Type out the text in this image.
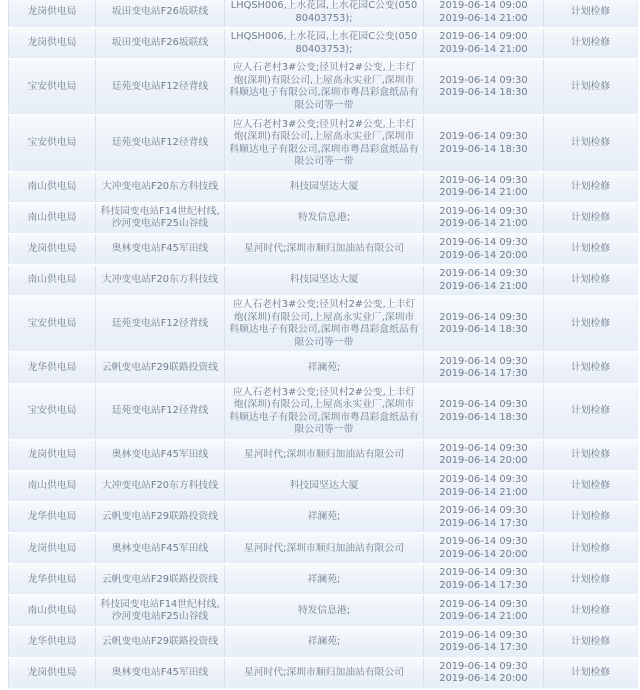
龙岗供电局	坂田变电站F26坂联线	LHQSH006,上水花园,上水花园C公变(05080403753);	2019-06-14 09:00
2019-06-14 21:00	计划检修
龙岗供电局	坂田变电站F26坂联线	LHQSH006,上水花园,上水花园C公变(05080403753);	2019-06-14 09:00
2019-06-14 21:00	计划检修
宝安供电局	廷苑变电站F12径背线	应人石老村3#公变;径贝村2#公变,上丰灯炮(深圳)有限公司,上屋高永实业厂,深圳市科顺达电子有限公司,深圳市粤昌彩盒纸品有限公司等一带	2019-06-14 09:30
2019-06-14 18:30	计划检修
宝安供电局	廷苑变电站F12径背线	应人石老村3#公变;径贝村2#公变,上丰灯炮(深圳)有限公司,上屋高永实业厂,深圳市科顺达电子有限公司,深圳市粤昌彩盒纸品有限公司等一带	2019-06-14 09:30
2019-06-14 18:30	计划检修
南山供电局	大冲变电站F20东方科技线	科技园坚达大厦	2019-06-14 09:30
2019-06-14 21:00	计划检修
南山供电局	科技园变电站F14世纪村线,沙河变电站F25山谷线	特发信息港;	2019-06-14 09:30
2019-06-14 21:00	计划检修
龙岗供电局	奥林变电站F45军田线	星河时代;深圳市顺归加油站有限公司	2019-06-14 09:30
2019-06-14 20:00	计划检修
南山供电局	大冲变电站F20东方科技线	科技园坚达大厦	2019-06-14 09:30
2019-06-14 21:00	计划检修
宝安供电局	廷苑变电站F12径背线	应人石老村3#公变;径贝村2#公变,上丰灯炮(深圳)有限公司,上屋高永实业厂,深圳市科顺达电子有限公司,深圳市粤昌彩盒纸品有限公司等一带	2019-06-14 09:30
2019-06-14 18:30	计划检修
龙华供电局	云帆变电站F29联路投资线	祥澜苑;	2019-06-14 09:30
2019-06-14 17:30	计划检修
宝安供电局	廷苑变电站F12径背线	应人石老村3#公变;径贝村2#公变,上丰灯炮(深圳)有限公司,上屋高永实业厂,深圳市科顺达电子有限公司,深圳市粤昌彩盒纸品有限公司等一带	2019-06-14 09:30
2019-06-14 18:30	计划检修
龙岗供电局	奥林变电站F45军田线	星河时代;深圳市顺归加油站有限公司	2019-06-14 09:30
2019-06-14 20:00	计划检修
南山供电局	大冲变电站F20东方科技线	科技园坚达大厦	2019-06-14 09:30
2019-06-14 21:00	计划检修
龙华供电局	云帆变电站F29联路投资线	祥澜苑;	2019-06-14 09:30
2019-06-14 17:30	计划检修
龙岗供电局	奥林变电站F45军田线	星河时代;深圳市顺归加油站有限公司	2019-06-14 09:30
2019-06-14 20:00	计划检修
龙华供电局	云帆变电站F29联路投资线	祥澜苑;	2019-06-14 09:30
2019-06-14 17:30	计划检修
南山供电局	科技园变电站F14世纪村线,沙河变电站F25山谷线	特发信息港;	2019-06-14 09:30
2019-06-14 21:00	计划检修
龙华供电局	云帆变电站F29联路投资线	祥澜苑;	2019-06-14 09:30
2019-06-14 17:30	计划检修
龙岗供电局	奥林变电站F45军田线	星河时代;深圳市顺归加油站有限公司	2019-06-14 09:30
2019-06-14 20:00	计划检修
